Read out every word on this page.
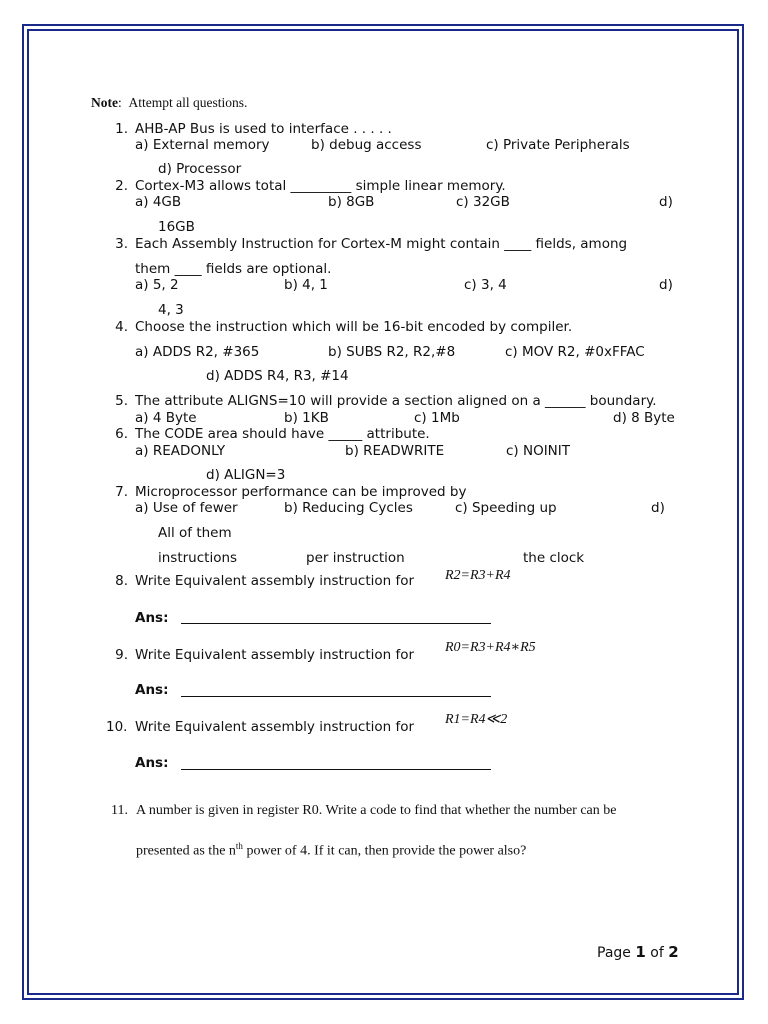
Note:  Attempt all questions.
1. AHB-AP Bus is used to interface . . . . .
a) External memory	b) debug access	c) Private Peripherals
d) Processor
2. Cortex-M3 allows total _________ simple linear memory.
a) 4GB	b) 8GB	c) 32GB	d)
16GB
3. Each Assembly Instruction for Cortex-M might contain ____ fields, among
them ____ fields are optional.
a) 5, 2	b) 4, 1	c) 3, 4	d)
4, 3
4. Choose the instruction which will be 16-bit encoded by compiler.
a) ADDS R2, #365	b) SUBS R2, R2,#8	c) MOV R2, #0xFFAC
d) ADDS R4, R3, #14
5. The attribute ALIGNS=10 will provide a section aligned on a ______ boundary.
a) 4 Byte	b) 1KB	c) 1Mb	d) 8 Byte
6. The CODE area should have _____ attribute.
a) READONLY	b) READWRITE	c) NOINIT
d) ALIGN=3
7. Microprocessor performance can be improved by
a) Use of fewer	b) Reducing Cycles	c) Speeding up	d)
All of them
instructions	per instruction	the clock
8. Write Equivalent assembly instruction for R2=R3+R4
Ans:
9. Write Equivalent assembly instruction for R0=R3+R4∗R5
Ans:
10. Write Equivalent assembly instruction for R1=R4≪2
Ans:
11. A number is given in register R0. Write a code to find that whether the number can be
presented as the $n^{th}$ power of 4. If it can, then provide the power also?
Page 1 of 2
